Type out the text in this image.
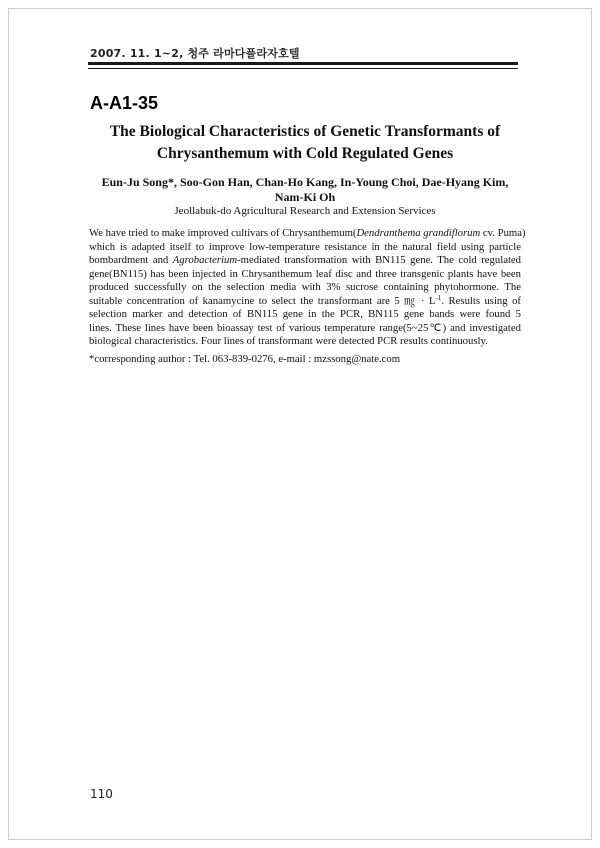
2007. 11. 1~2, 청주 라마다플라자호텔
A-A1-35
The Biological Characteristics of Genetic Transformants of
Chrysanthemum with Cold Regulated Genes
Eun-Ju Song*, Soo-Gon Han, Chan-Ho Kang, In-Young Choi, Dae-Hyang Kim,
Nam-Ki Oh
Jeollabuk-do Agricultural Research and Extension Services
We have tried to make improved cultivars of Chrysanthemum(Dendranthema grandiflorum cv. Puma)
which is adapted itself to improve low-temperature resistance in the natural field using particle
bombardment and Agrobacterium-mediated transformation with BN115 gene. The cold regulated
gene(BN115) has been injected in Chrysanthemum leaf disc and three transgenic plants have been
produced successfully on the selection media with 3% sucrose containing phytohormone. The
suitable concentration of kanamycine to select the transformant are 5 ㎎ · $L^{-1}$. Results using of
selection marker and detection of BN115 gene in the PCR, BN115 gene bands were found 5
lines. These lines have been bioassay test of various temperature range(5~25℃) and investigated
biological characteristics. Four lines of transformant were detected PCR results continuously.
*corresponding author : Tel. 063-839-0276, e-mail : mzssong@nate.com
110
